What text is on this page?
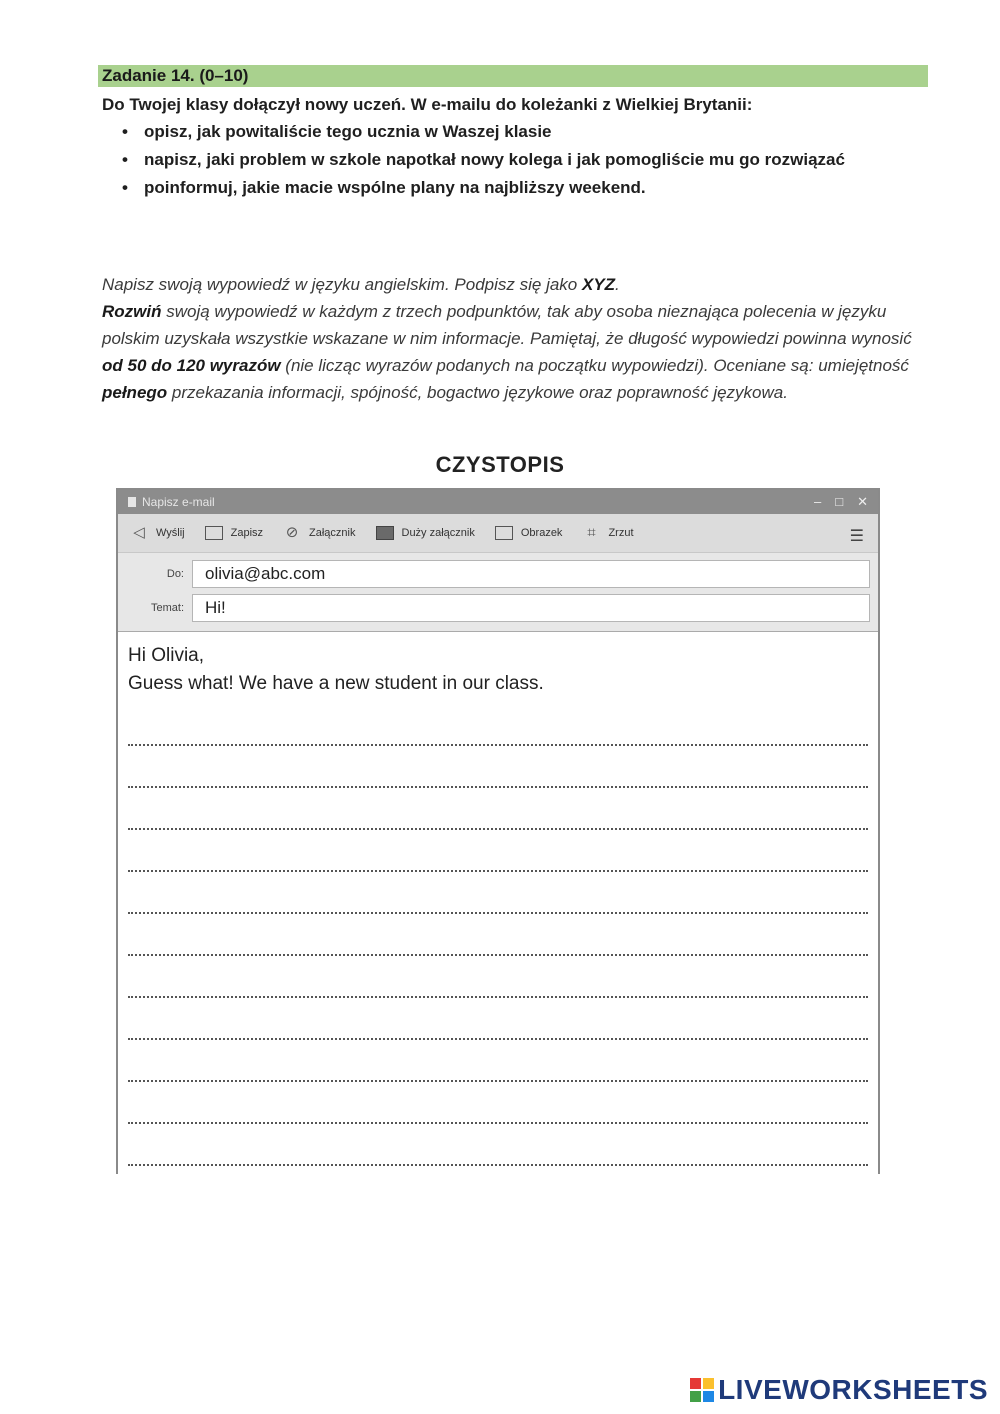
Zadanie 14. (0–10)
Do Twojej klasy dołączył nowy uczeń. W e-mailu do koleżanki z Wielkiej Brytanii:
• opisz, jak powitaliście tego ucznia w Waszej klasie
• napisz, jaki problem w szkole napotkał nowy kolega i jak pomogliście mu go rozwiązać
• poinformuj, jakie macie wspólne plany na najbliższy weekend.
Napisz swoją wypowiedź w języku angielskim. Podpisz się jako XYZ.
Rozwiń swoją wypowiedź w każdym z trzech podpunktów, tak aby osoba nieznająca polecenia w języku polskim uzyskała wszystkie wskazane w nim informacje. Pamiętaj, że długość wypowiedzi powinna wynosić od 50 do 120 wyrazów (nie licząc wyrazów podanych na początku wypowiedzi). Oceniane są: umiejętność pełnego przekazania informacji, spójność, bogactwo językowe oraz poprawność językowa.
CZYSTOPIS
Napisz e-mail	‒ □ ✕
◁ Wyślij	Zapisz ⊘ Załącznik	Duży załącznik	Obrazek	⌗	Zrzut	☰
Do:	olivia@abc.com
Temat:	Hi!
Hi Olivia,
Guess what! We have a new student in our class.
LIVEWORKSHEETS
